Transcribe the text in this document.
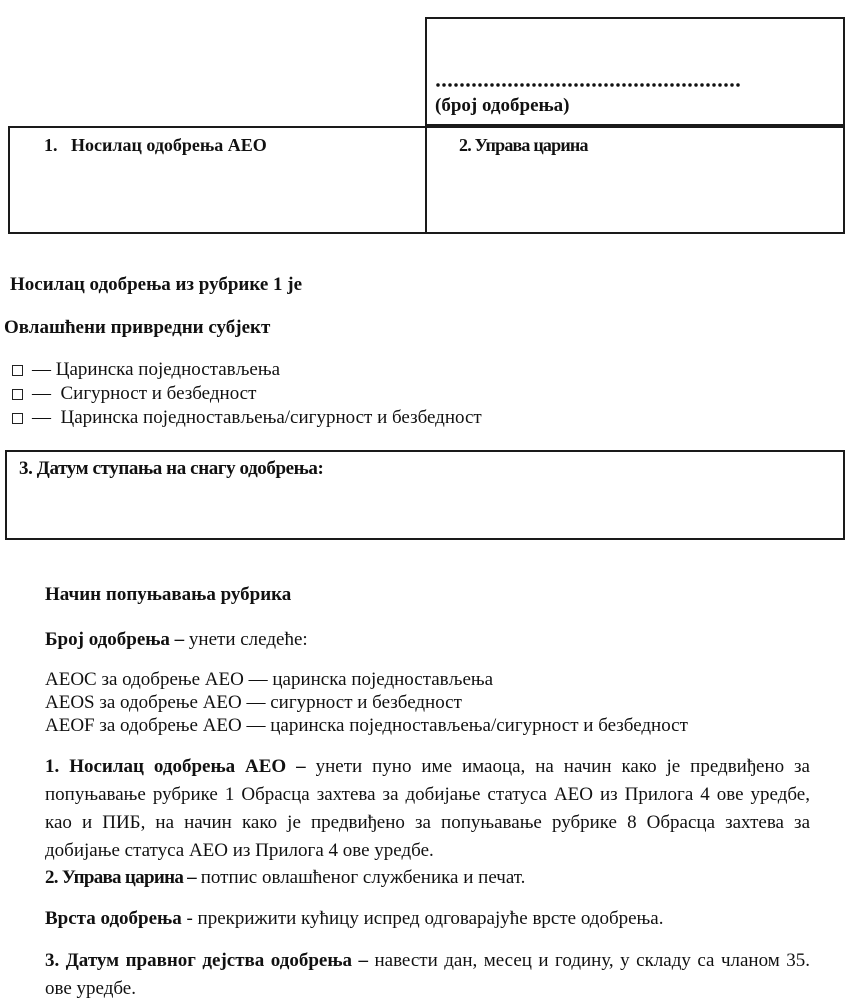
(број одобрења)
1.   Носилац одобрења АЕО	2. Управа царина
Носилац одобрења из рубрике 1 је
Овлашћени привредни субјект
— Царинска поједностављења
—  Сигурност и безбедност
—  Царинска поједностављења/сигурност и безбедност
3. Датум ступања на снагу одобрења:
Начин попуњавања рубрика
Број одобрења – унети следеће:
AEOC за одобрење АЕО — царинска поједностављења
AEOS за одобрење АЕО — сигурност и безбедност
AEOF за одобрење АЕО — царинска поједностављења/сигурност и безбедност
1. Носилац одобрења АЕО – унети пуно име имаоца, на начин како је предвиђено за попуњавање рубрике 1 Обрасца захтева за добијање статуса АЕО из Прилога 4 ове уредбе, као и ПИБ, на начин како је предвиђено за попуњавање рубрике 8 Обрасца захтева за добијање статуса АЕО из Прилога 4 ове уредбе.
2. Управа царина – потпис овлашћеног службеника и печат.
Врста одобрења - прекрижити кућицу испред одговарајуће врсте одобрења.
3. Датум правног дејства одобрења – навести дан, месец и годину, у складу са чланом 35. ове уредбе.
